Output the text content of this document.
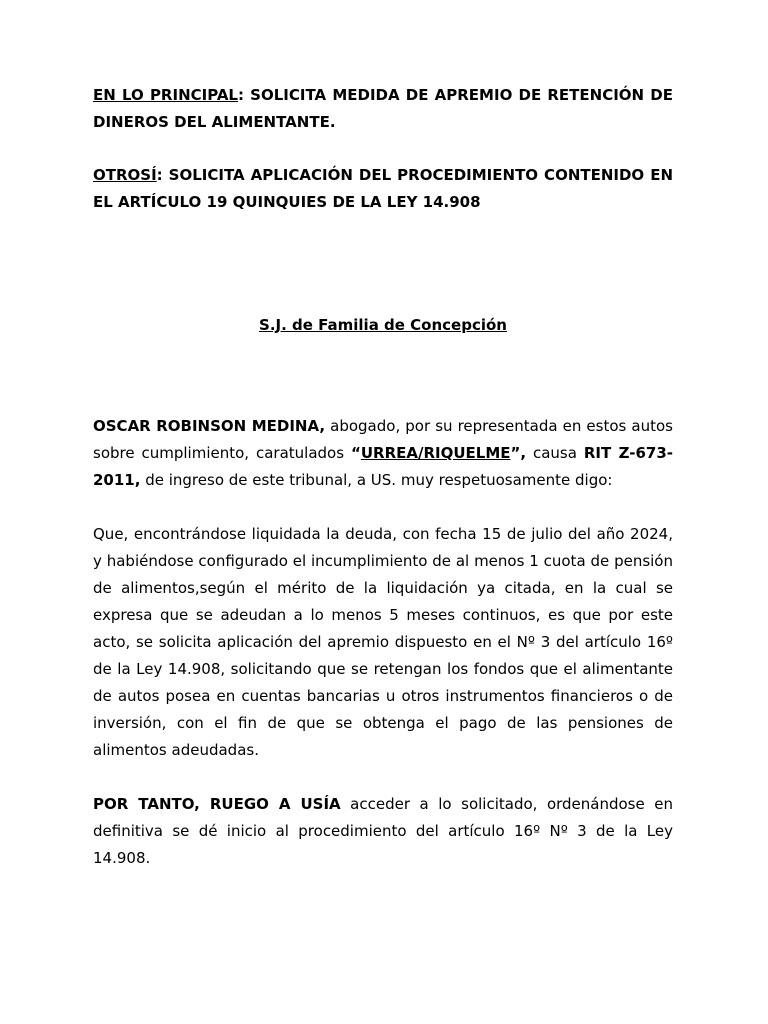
EN LO PRINCIPAL: SOLICITA MEDIDA DE APREMIO DE RETENCIÓN DE DINEROS DEL ALIMENTANTE.

OTROSÍ: SOLICITA APLICACIÓN DEL PROCEDIMIENTO CONTENIDO EN EL ARTÍCULO 19 QUINQUIES DE LA LEY 14.908

S.J. de Familia de Concepción

OSCAR ROBINSON MEDINA, abogado, por su representada en estos autos sobre cumplimiento, caratulados “URREA/RIQUELME”, causa RIT Z-673-2011, de ingreso de este tribunal, a US. muy respetuosamente digo:

Que, encontrándose liquidada la deuda, con fecha 15 de julio del año 2024, y habiéndose configurado el incumplimiento de al menos 1 cuota de pensión de alimentos,según el mérito de la liquidación ya citada, en la cual se expresa que se adeudan a lo menos 5 meses continuos, es que por este acto, se solicita aplicación del apremio dispuesto en el Nº 3 del artículo 16º de la Ley 14.908, solicitando que se retengan los fondos que el alimentante de autos posea en cuentas bancarias u otros instrumentos financieros o de inversión, con el fin de que se obtenga el pago de las pensiones de alimentos adeudadas.

POR TANTO, RUEGO A USÍA acceder a lo solicitado, ordenándose en definitiva se dé inicio al procedimiento del artículo 16º Nº 3 de la Ley 14.908.
